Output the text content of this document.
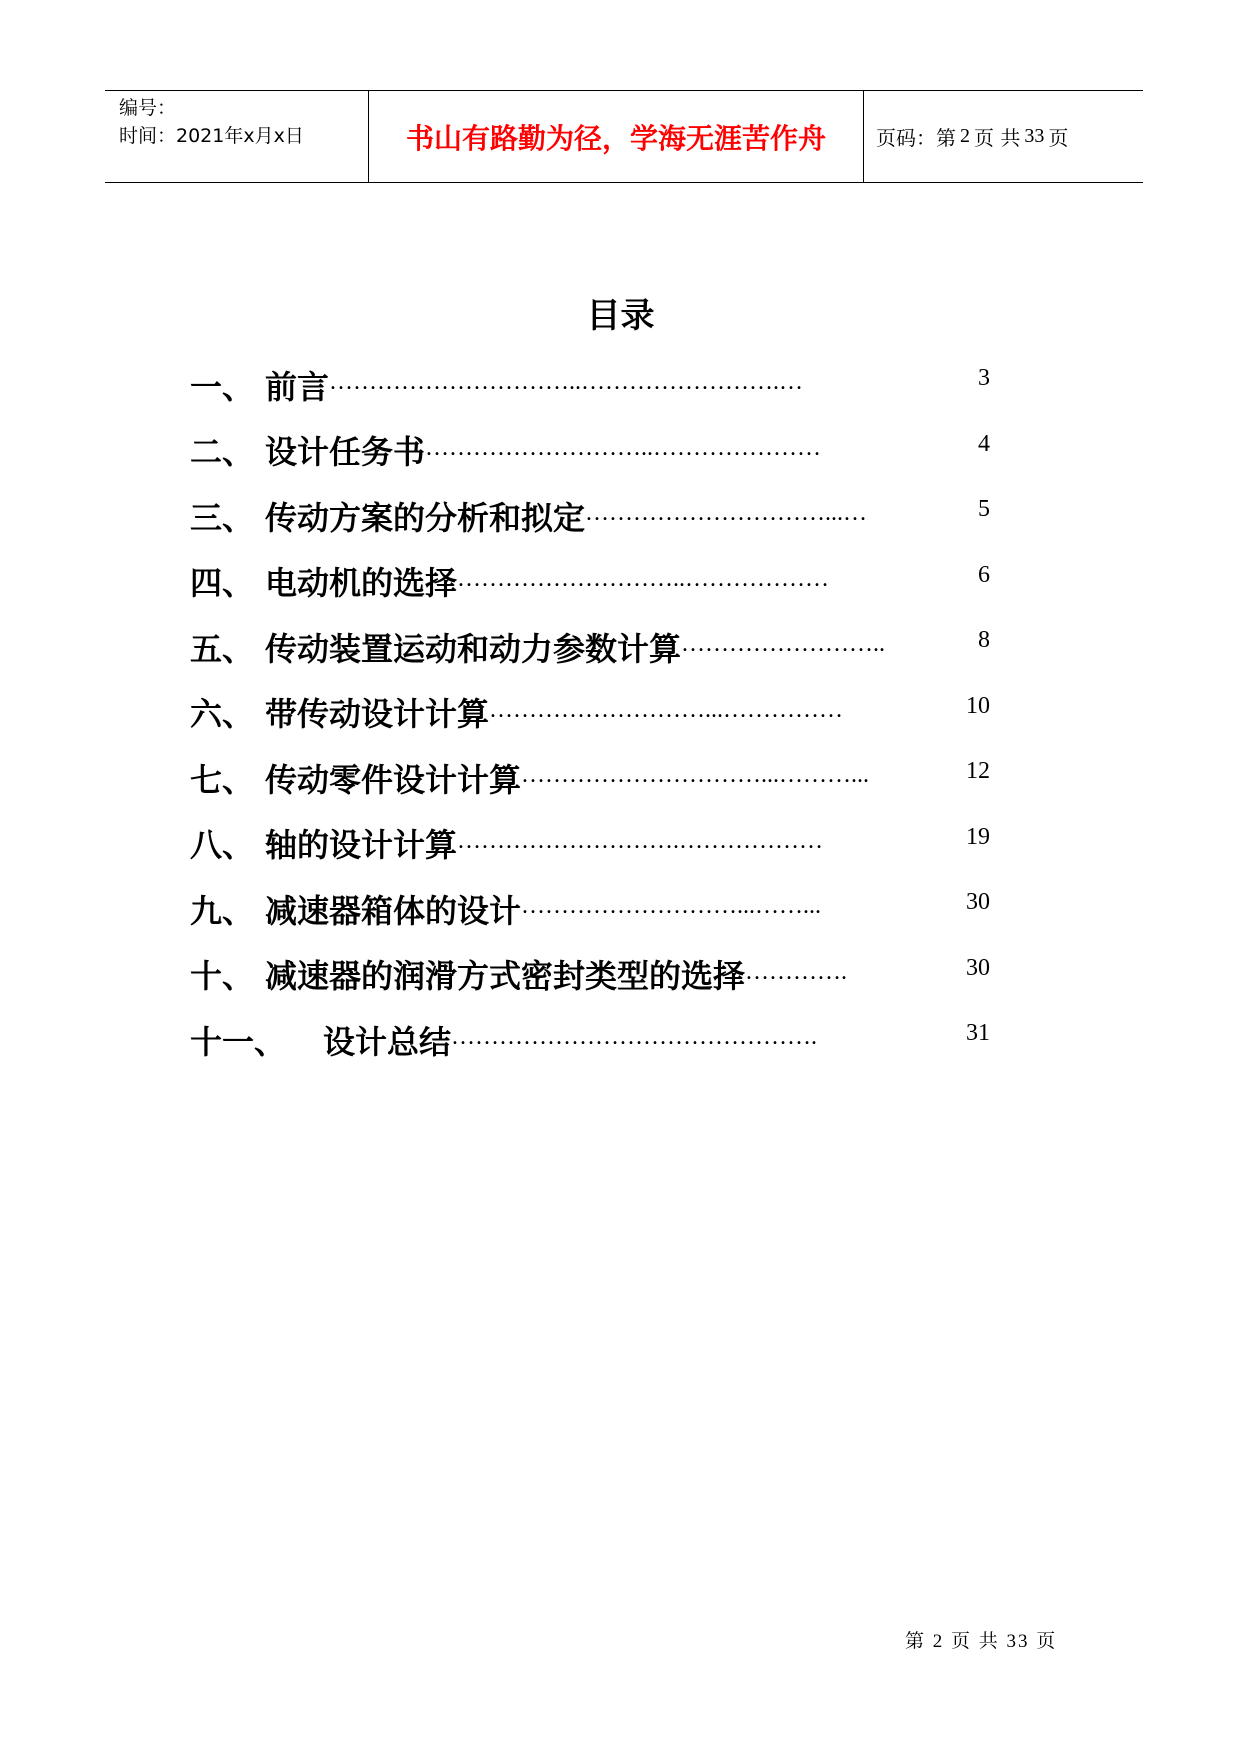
编号：
时间：2021年x月x日	书山有路勤为径，学海无涯苦作舟	页码：第 2 页 共 33 页
目录
一、 前言 …………………………..…………………….…	3
二、 设计任务书 ………………………..…………………	4
三、 传动方案的分析和拟定 …………………………...…	5
四、 电动机的选择 ………………………..………………	6
五、 传动装置运动和动力参数计算 ……………………..	8
六、 带传动设计计算 ………………………...……………	10
七、 传动零件设计计算 …………………………...………...	12
八、 轴的设计计算 ……………………….………………	19
九、 减速器箱体的设计 ………………………...……...	30
十、 减速器的润滑方式密封类型的选择 ………….	30
十一、	设计总结 ……………………………………….	31
第 2 页 共 33 页
